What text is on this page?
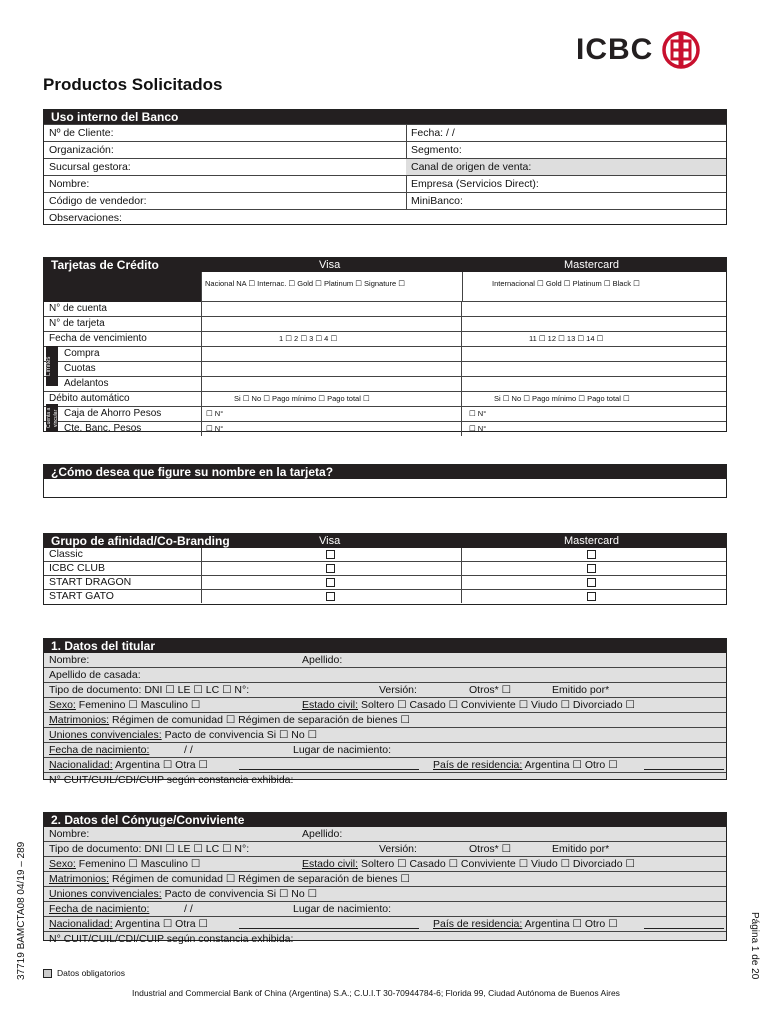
ICBC
Productos Solicitados
Uso interno del Banco
Nº de Cliente:	Fecha: / /
Organización:	Segmento:
Sucursal gestora:	Canal de origen de venta:
Nombre:	Empresa (Servicios Direct):
Código de vendedor:	MiniBanco:
Observaciones:
Tarjetas de Crédito	Visa	Mastercard
Nacional NA ☐ Internac. ☐ Gold ☐ Platinum ☐ Signature ☐	Internacional ☐ Gold ☐ Platinum ☐ Black ☐
N° de cuenta
N° de tarjeta
Fecha de vencimiento	1 ☐ 2 ☐ 3 ☐ 4 ☐	11 ☐ 12 ☐ 13 ☐ 14 ☐
Compra
Cuotas
Adelantos
Débito automático	Si ☐ No ☐ Pago mínimo ☐ Pago total ☐	Si ☐ No ☐ Pago mínimo ☐ Pago total ☐
Caja de Ahorro Pesos	☐ N°	☐ N°
Cte. Banc. Pesos	☐ N°	☐ N°
Límites
Cuenta a vincular
¿Cómo desea que figure su nombre en la tarjeta?
Grupo de afinidad/Co-Branding	Visa	Mastercard
Classic
ICBC CLUB
START DRAGON
START GATO
1. Datos del titular
Nombre:	Apellido:
Apellido de casada:
Tipo de documento: DNI ☐ LE ☐ LC ☐ N°:	Versión:	Otros* ☐	Emitido por*
Sexo: Femenino ☐ Masculino ☐	Estado civil: Soltero ☐ Casado ☐ Conviviente ☐ Viudo ☐ Divorciado ☐
Matrimonios: Régimen de comunidad ☐ Régimen de separación de bienes ☐
Uniones convivenciales: Pacto de convivencia Si ☐ No ☐
Fecha de nacimiento:	/ /	Lugar de nacimiento:
Nacionalidad: Argentina ☐ Otra ☐	País de residencia: Argentina ☐ Otro ☐
N° CUIT/CUIL/CDI/CUIP según constancia exhibida:
2. Datos del Cónyuge/Conviviente
Nombre:	Apellido:
Tipo de documento: DNI ☐ LE ☐ LC ☐ N°:	Versión:	Otros* ☐	Emitido por*
Sexo: Femenino ☐ Masculino ☐	Estado civil: Soltero ☐ Casado ☐ Conviviente ☐ Viudo ☐ Divorciado ☐
Matrimonios: Régimen de comunidad ☐ Régimen de separación de bienes ☐
Uniones convivenciales: Pacto de convivencia Si ☐ No ☐
Fecha de nacimiento:	/ /	Lugar de nacimiento:
Nacionalidad: Argentina ☐ Otra ☐	País de residencia: Argentina ☐ Otro ☐
N° CUIT/CUIL/CDI/CUIP según constancia exhibida:
Datos obligatorios
Industrial and Commercial Bank of China (Argentina) S.A.; C.U.I.T 30-70944784-6; Florida 99, Ciudad Autónoma de Buenos Aires
37719 BAMCTA08 04/19 – 289	Página 1 de 20
